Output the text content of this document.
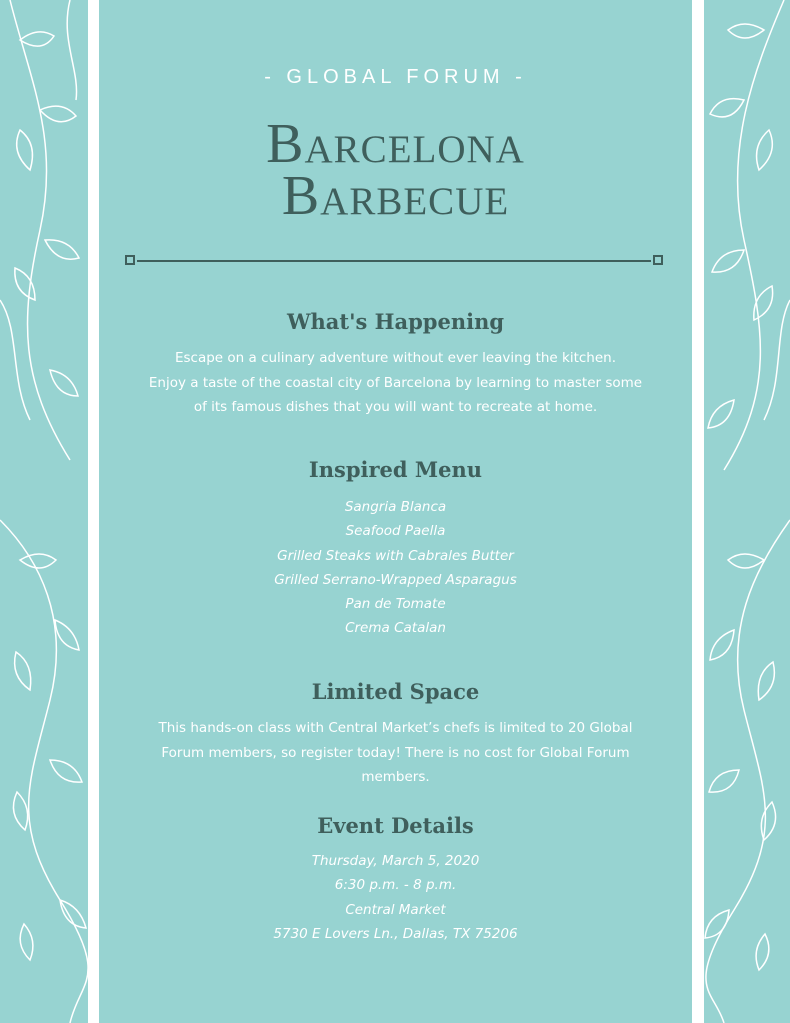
- GLOBAL FORUM -
Barcelona
Barbecue
What's Happening
Escape on a culinary adventure without ever leaving the kitchen.
Enjoy a taste of the coastal city of Barcelona by learning to master some
of its famous dishes that you will want to recreate at home.
Inspired Menu
Sangria Blanca
Seafood Paella
Grilled Steaks with Cabrales Butter
Grilled Serrano-Wrapped Asparagus
Pan de Tomate
Crema Catalan
Limited Space
This hands-on class with Central Market’s chefs is limited to 20 Global
Forum members, so register today! There is no cost for Global Forum
members.
Event Details
Thursday, March 5, 2020
6:30 p.m. - 8 p.m.
Central Market
5730 E Lovers Ln., Dallas, TX 75206
